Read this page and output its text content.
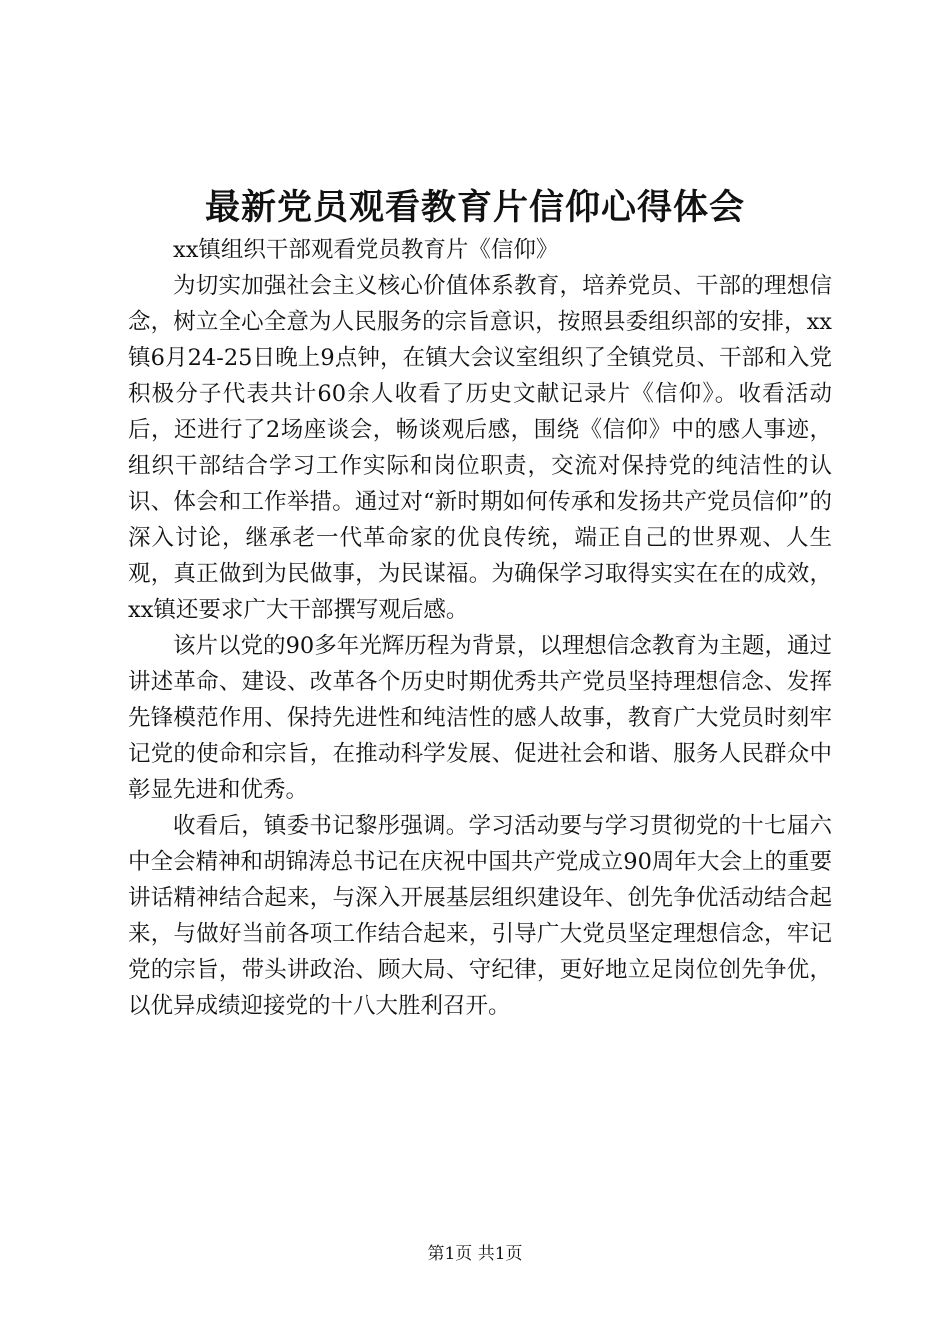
最新党员观看教育片信仰心得体会

xx镇组织干部观看党员教育片《信仰》

为切实加强社会主义核心价值体系教育，培养党员、干部的理想信念，树立全心全意为人民服务的宗旨意识，按照县委组织部的安排，xx镇6月24-25日晚上9点钟，在镇大会议室组织了全镇党员、干部和入党积极分子代表共计60余人收看了历史文献记录片《信仰》。收看活动后，还进行了2场座谈会，畅谈观后感，围绕《信仰》中的感人事迹，组织干部结合学习工作实际和岗位职责，交流对保持党的纯洁性的认识、体会和工作举措。通过对“新时期如何传承和发扬共产党员信仰”的深入讨论，继承老一代革命家的优良传统，端正自己的世界观、人生观，真正做到为民做事，为民谋福。为确保学习取得实实在在的成效，xx镇还要求广大干部撰写观后感。

该片以党的90多年光辉历程为背景，以理想信念教育为主题，通过讲述革命、建设、改革各个历史时期优秀共产党员坚持理想信念、发挥先锋模范作用、保持先进性和纯洁性的感人故事，教育广大党员时刻牢记党的使命和宗旨，在推动科学发展、促进社会和谐、服务人民群众中彰显先进和优秀。

收看后，镇委书记黎彤强调。学习活动要与学习贯彻党的十七届六中全会精神和胡锦涛总书记在庆祝中国共产党成立90周年大会上的重要讲话精神结合起来，与深入开展基层组织建设年、创先争优活动结合起来，与做好当前各项工作结合起来，引导广大党员坚定理想信念，牢记党的宗旨，带头讲政治、顾大局、守纪律，更好地立足岗位创先争优，以优异成绩迎接党的十八大胜利召开。

第1页 共1页
